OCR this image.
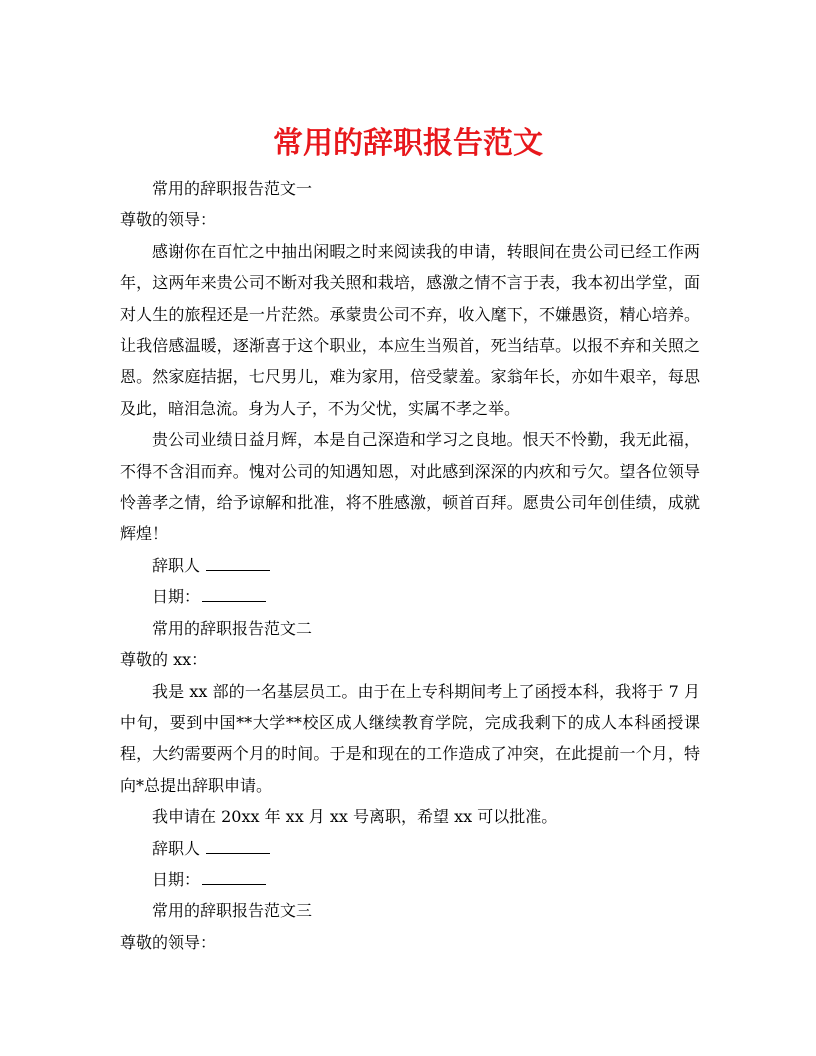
常用的辞职报告范文

常用的辞职报告范文一

尊敬的领导：

感谢你在百忙之中抽出闲暇之时来阅读我的申请，转眼间在贵公司已经工作两年，这两年来贵公司不断对我关照和栽培，感激之情不言于表，我本初出学堂，面对人生的旅程还是一片茫然。承蒙贵公司不弃，收入麾下，不嫌愚资，精心培养。让我倍感温暖，逐渐喜于这个职业，本应生当殒首，死当结草。以报不弃和关照之恩。然家庭拮据，七尺男儿，难为家用，倍受蒙羞。家翁年长，亦如牛艰辛，每思及此，暗泪急流。身为人子，不为父忧，实属不孝之举。

贵公司业绩日益月辉，本是自己深造和学习之良地。恨天不怜勤，我无此福，不得不含泪而弃。愧对公司的知遇知恩，对此感到深深的内疚和亏欠。望各位领导怜善孝之情，给予谅解和批准，将不胜感激，顿首百拜。愿贵公司年创佳绩，成就辉煌！

辞职人

日期：

常用的辞职报告范文二

尊敬的 xx：

我是 xx 部的一名基层员工。由于在上专科期间考上了函授本科，我将于 7 月中旬，要到中国**大学**校区成人继续教育学院，完成我剩下的成人本科函授课程，大约需要两个月的时间。于是和现在的工作造成了冲突，在此提前一个月，特向*总提出辞职申请。

我申请在 20xx 年 xx 月 xx 号离职，希望 xx 可以批准。

辞职人

日期：

常用的辞职报告范文三

尊敬的领导：
